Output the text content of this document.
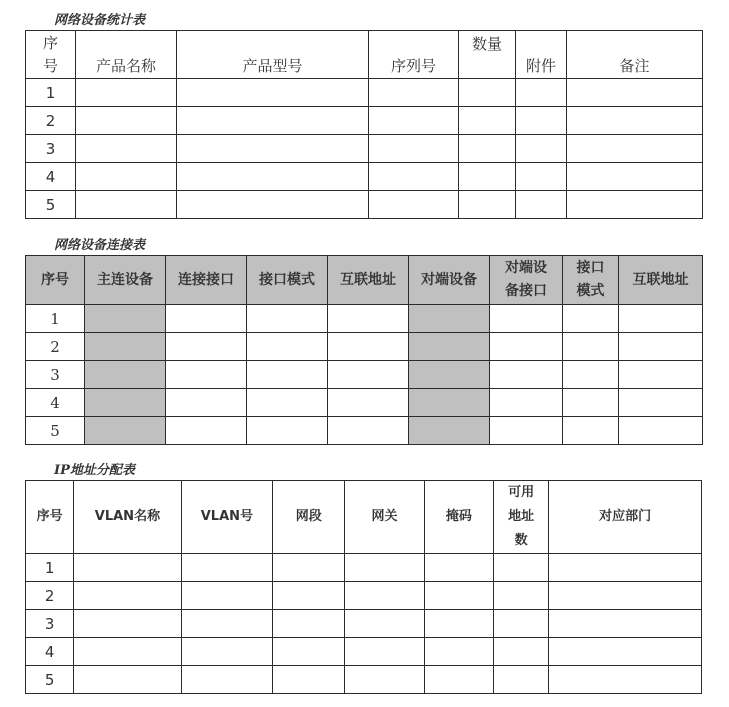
网络设备统计表
序号	产品名称	产品型号	序列号	数量	附件	备注

1						
2						
3						
4						
5						
网络设备连接表
序号	主连设备	连接接口	接口模式	互联地址	对端设备	对端设备接口	接口模式	互联地址
1								
2								
3								
4								
5								
IP地址分配表
序号	VLAN名称	VLAN号	网段	网关	掩码	可用地址数	对应部门
1							
2							
3							
4							
5							
